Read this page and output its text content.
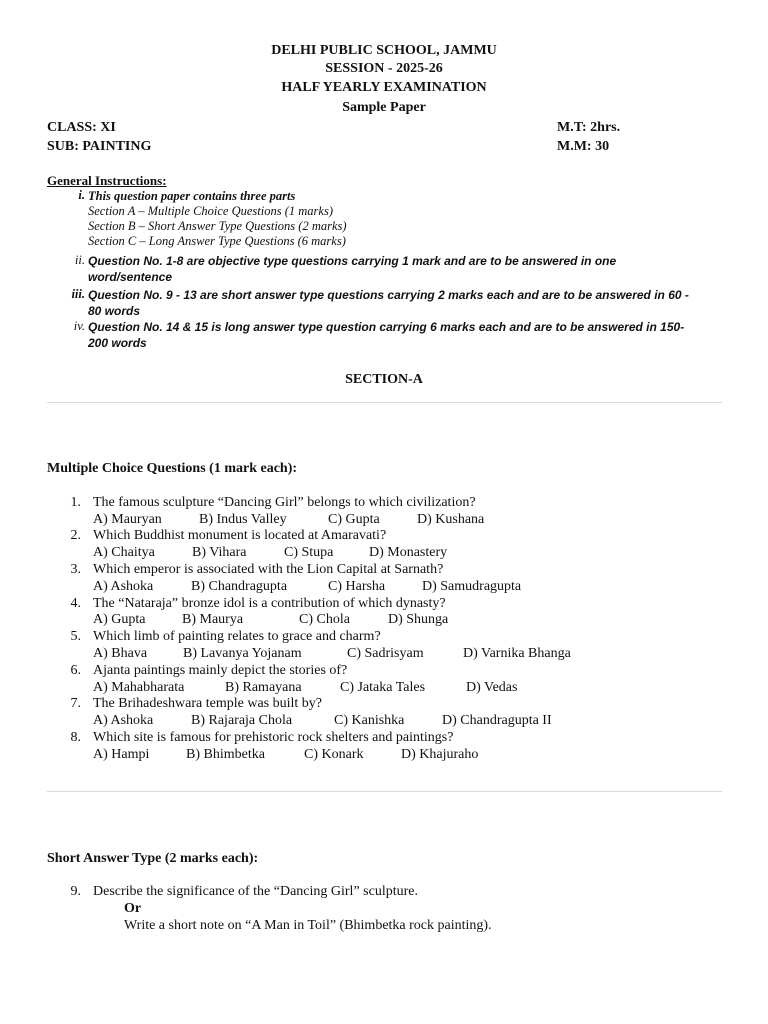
DELHI PUBLIC SCHOOL, JAMMU
SESSION - 2025-26
HALF YEARLY EXAMINATION
Sample Paper
CLASS: XI
SUB: PAINTING
M.T: 2hrs.
M.M: 30
General Instructions:
i. This question paper contains three parts
Section A – Multiple Choice Questions (1 marks)
Section B – Short Answer Type Questions (2 marks)
Section C – Long Answer Type Questions (6 marks)
ii. Question No. 1-8 are objective type questions carrying 1 mark and are to be answered in one
word/sentence
iii. Question No. 9 - 13 are short answer type questions carrying 2 marks each and are to be answered in 60 -
80 words
iv. Question No. 14 & 15 is long answer type question carrying 6 marks each and are to be answered in 150-
200 words
SECTION-A
Multiple Choice Questions (1 mark each):
1. The famous sculpture “Dancing Girl” belongs to which civilization?
A) Mauryan	B) Indus Valley	C) Gupta	D) Kushana
2. Which Buddhist monument is located at Amaravati?
A) Chaitya	B) Vihara	C) Stupa	D) Monastery
3. Which emperor is associated with the Lion Capital at Sarnath?
A) Ashoka	B) Chandragupta	C) Harsha	D) Samudragupta
4. The “Nataraja” bronze idol is a contribution of which dynasty?
A) Gupta	B) Maurya	C) Chola	D) Shunga
5. Which limb of painting relates to grace and charm?
A) Bhava	B) Lavanya Yojanam	C) Sadrisyam	D) Varnika Bhanga
6. Ajanta paintings mainly depict the stories of?
A) Mahabharata	B) Ramayana	C) Jataka Tales	D) Vedas
7. The Brihadeshwara temple was built by?
A) Ashoka	B) Rajaraja Chola	C) Kanishka	D) Chandragupta II
8. Which site is famous for prehistoric rock shelters and paintings?
A) Hampi	B) Bhimbetka	C) Konark	D) Khajuraho
Short Answer Type (2 marks each):
9. Describe the significance of the “Dancing Girl” sculpture.
Or
Write a short note on “A Man in Toil” (Bhimbetka rock painting).
